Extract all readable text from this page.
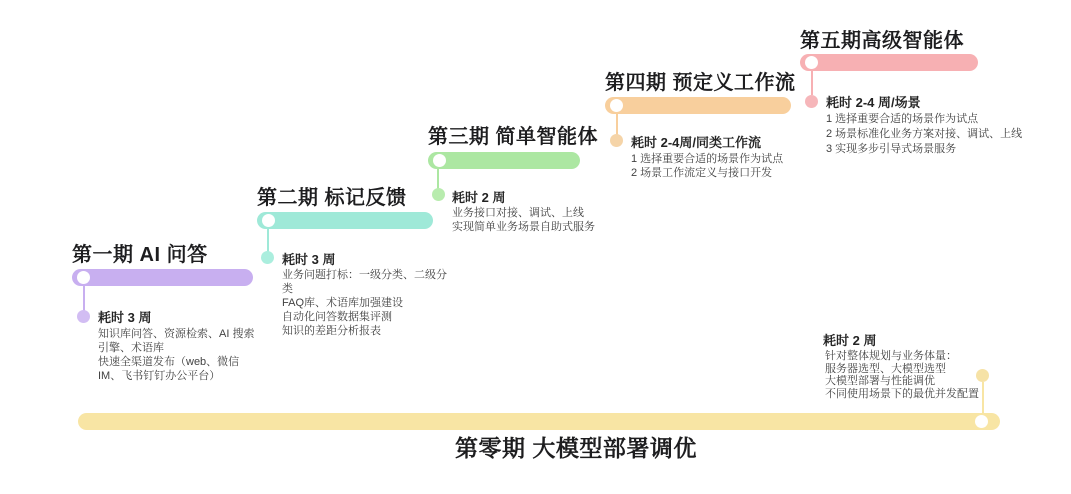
第一期 AI 问答
耗时 3 周
知识库问答、资源检索、AI 搜索引擎、术语库
快速全渠道发布（web、微信IM、飞书钉钉办公平台）
第二期 标记反馈
耗时 3 周
业务问题打标：一级分类、二级分类
FAQ库、术语库加强建设
自动化问答数据集评测
知识的差距分析报表
第三期 简单智能体
耗时 2 周
业务接口对接、调试、上线
实现简单业务场景自助式服务
第四期 预定义工作流
耗时 2-4周/同类工作流
1 选择重要合适的场景作为试点
2 场景工作流定义与接口开发
第五期高级智能体
耗时 2-4 周/场景
1 选择重要合适的场景作为试点
2 场景标准化业务方案对接、调试、上线
3 实现多步引导式场景服务
耗时 2 周
针对整体规划与业务体量：
服务器选型、大模型选型
大模型部署与性能调优
不同使用场景下的最优并发配置
第零期 大模型部署调优
